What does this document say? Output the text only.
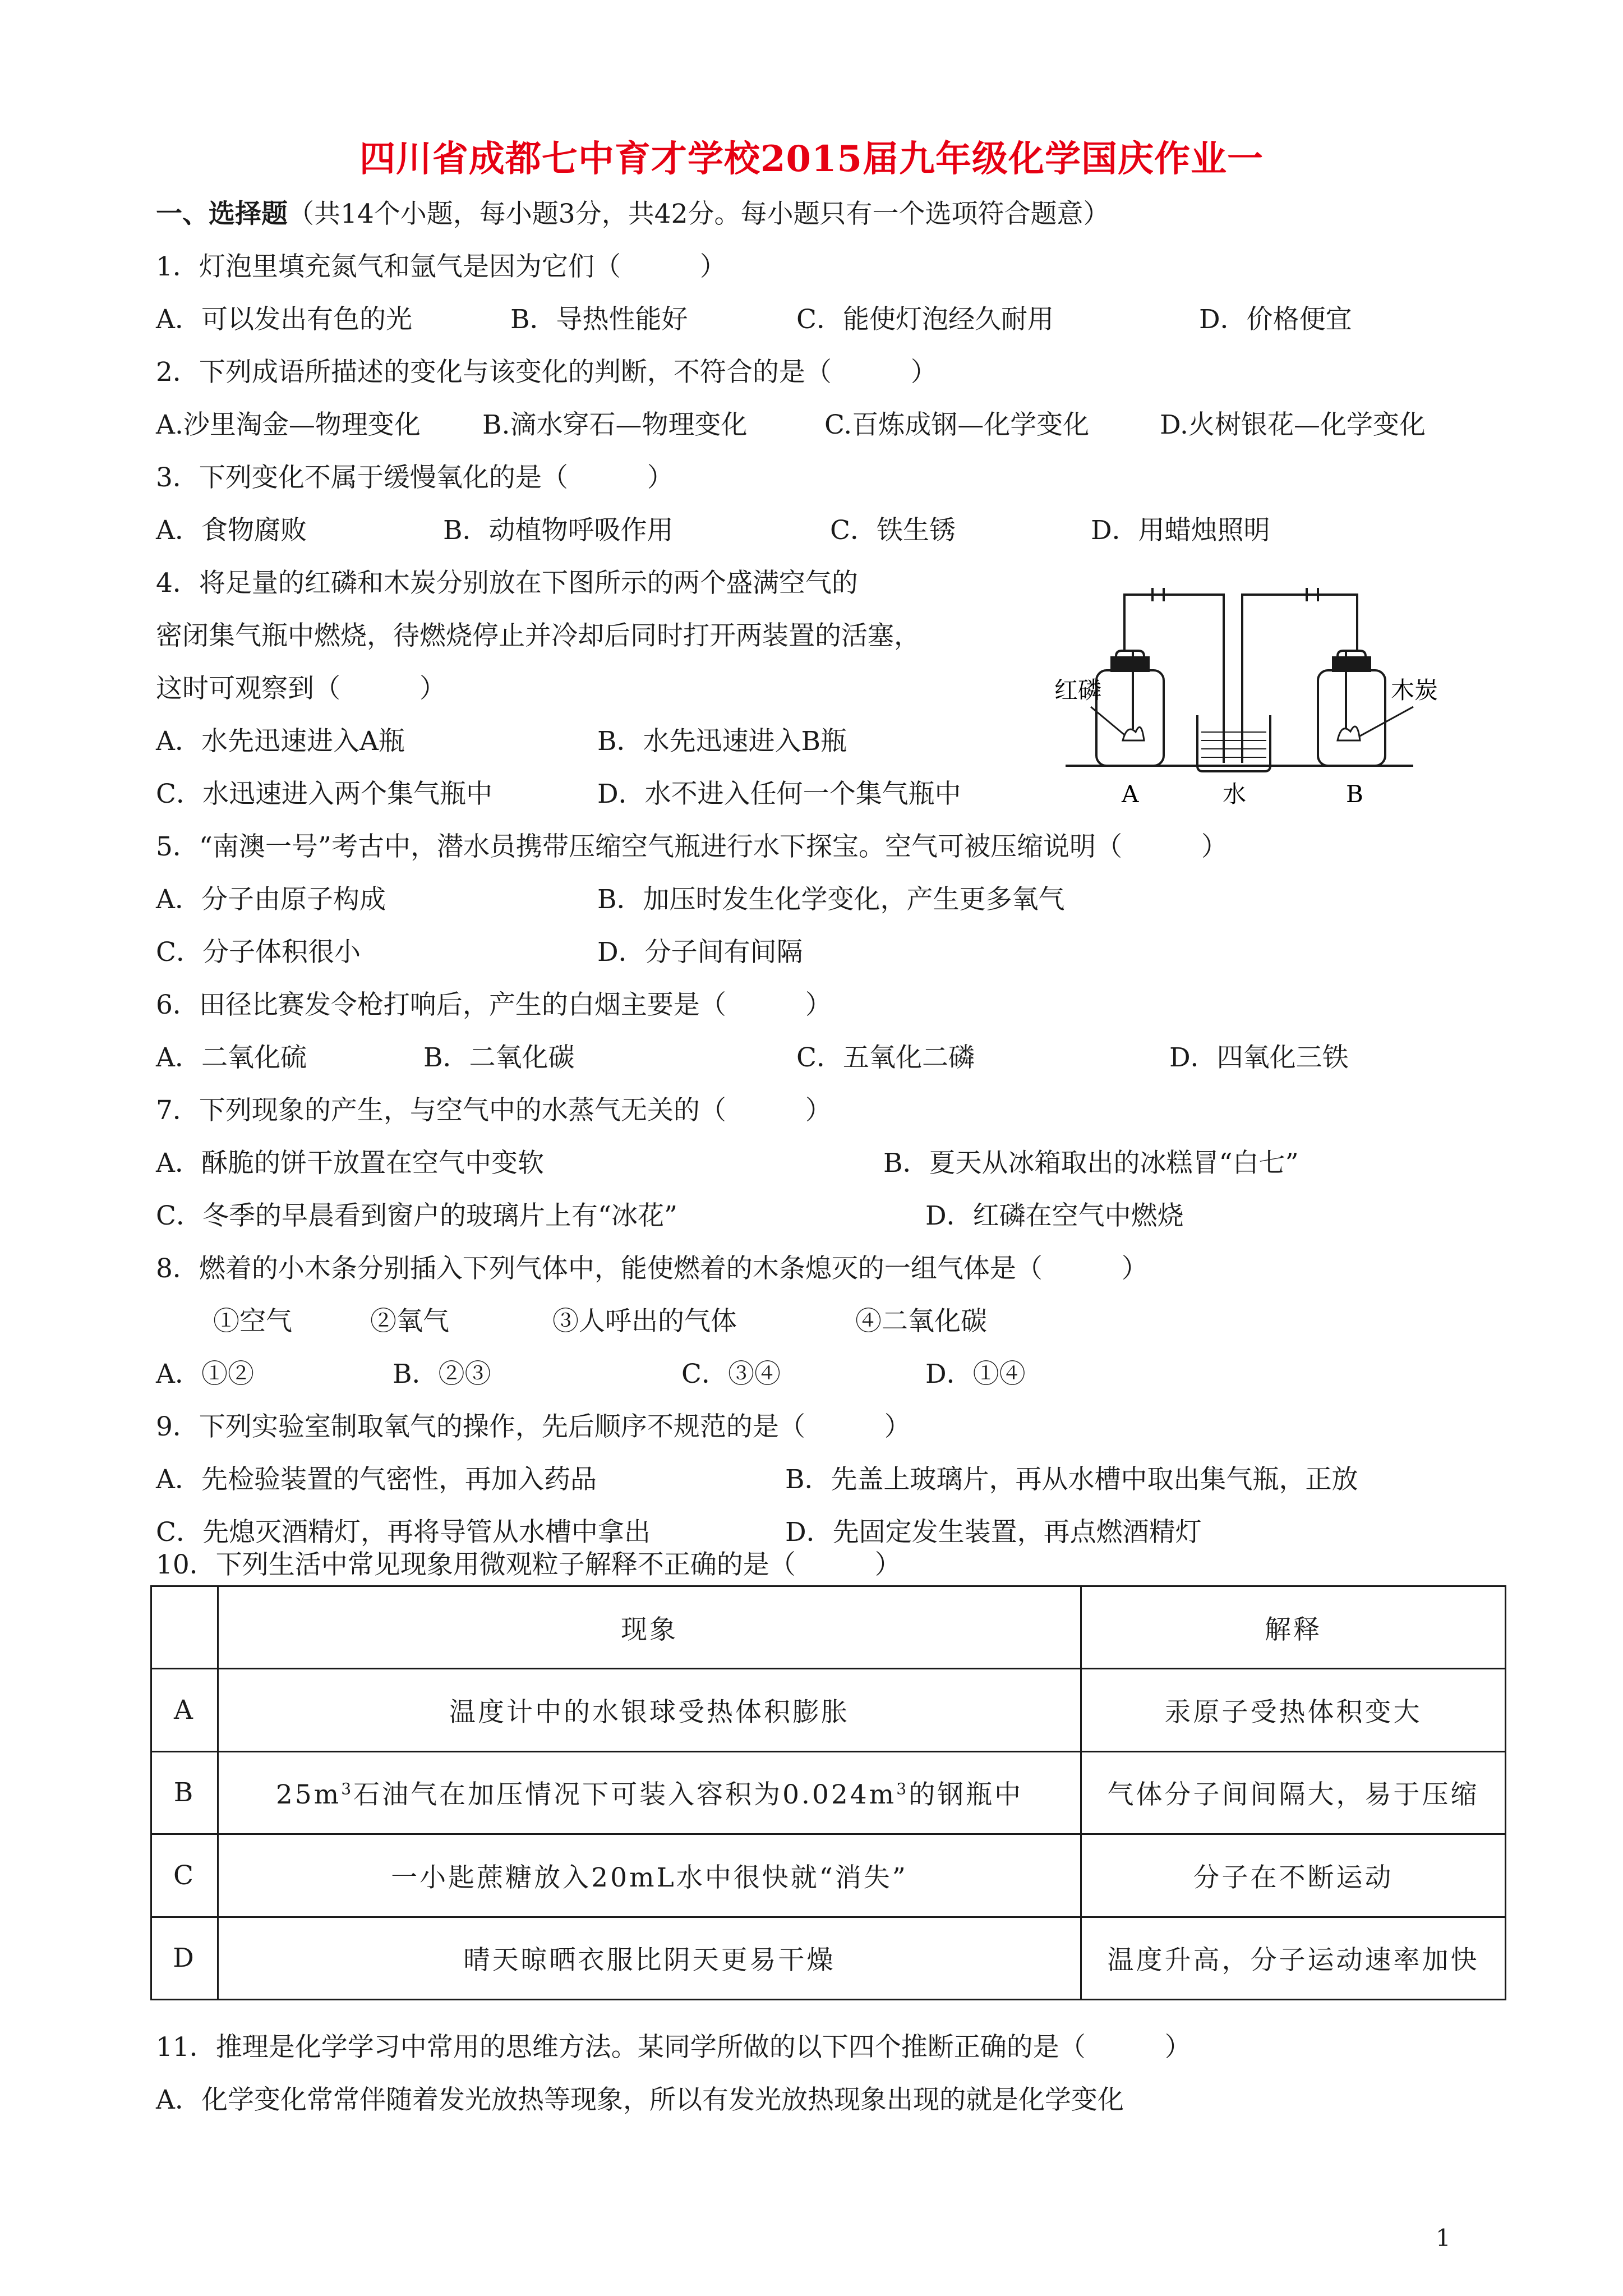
四川省成都七中育才学校2015届九年级化学国庆作业一
一、选择题（共14个小题，每小题3分，共42分。每小题只有一个选项符合题意）
1．灯泡里填充氮气和氩气是因为它们（　　　）
A．可以发出有色的光	B．导热性能好	C．能使灯泡经久耐用	D．价格便宜
2．下列成语所描述的变化与该变化的判断，不符合的是（　　　）
A.沙里淘金—物理变化 B.滴水穿石—物理变化	C.百炼成钢—化学变化	D.火树银花—化学变化
3．下列变化不属于缓慢氧化的是（　　　）
A．食物腐败	B．动植物呼吸作用	C．铁生锈	D．用蜡烛照明
4．将足量的红磷和木炭分别放在下图所示的两个盛满空气的
密闭集气瓶中燃烧，待燃烧停止并冷却后同时打开两装置的活塞，
这时可观察到（　　　）
A．水先迅速进入A瓶	B．水先迅速进入B瓶
C．水迅速进入两个集气瓶中	D．水不进入任何一个集气瓶中
红磷	木炭
A	水	B
5．“南澳一号”考古中，潜水员携带压缩空气瓶进行水下探宝。空气可被压缩说明（　　　）
A．分子由原子构成	B．加压时发生化学变化，产生更多氧气
C．分子体积很小	D．分子间有间隔
6．田径比赛发令枪打响后，产生的白烟主要是（　　　）
A．二氧化硫	B．二氧化碳	C．五氧化二磷	D．四氧化三铁
7．下列现象的产生，与空气中的水蒸气无关的（　　　）
A．酥脆的饼干放置在空气中变软	B．夏天从冰箱取出的冰糕冒“白七”
C．冬季的早晨看到窗户的玻璃片上有“冰花”	D．红磷在空气中燃烧
8．燃着的小木条分别插入下列气体中，能使燃着的木条熄灭的一组气体是（　　　）
①空气	②氧气	③人呼出的气体	④二氧化碳
A．①②	B．②③	C．③④	D．①④
9．下列实验室制取氧气的操作，先后顺序不规范的是（　　　）
A．先检验装置的气密性，再加入药品	B．先盖上玻璃片，再从水槽中取出集气瓶，正放
C．先熄灭酒精灯，再将导管从水槽中拿出	D．先固定发生装置，再点燃酒精灯
10．下列生活中常见现象用微观粒子解释不正确的是（　　　）
	现象	解释
A	温度计中的水银球受热体积膨胀	汞原子受热体积变大
B	$25m^3$石油气在加压情况下可装入容积为$0.024m^3$的钢瓶中	气体分子间间隔大，易于压缩
C	一小匙蔗糖放入20mL水中很快就“消失”	分子在不断运动
D	晴天晾晒衣服比阴天更易干燥	温度升高，分子运动速率加快
11．推理是化学学习中常用的思维方法。某同学所做的以下四个推断正确的是（　　　）
A．化学变化常常伴随着发光放热等现象，所以有发光放热现象出现的就是化学变化
1
